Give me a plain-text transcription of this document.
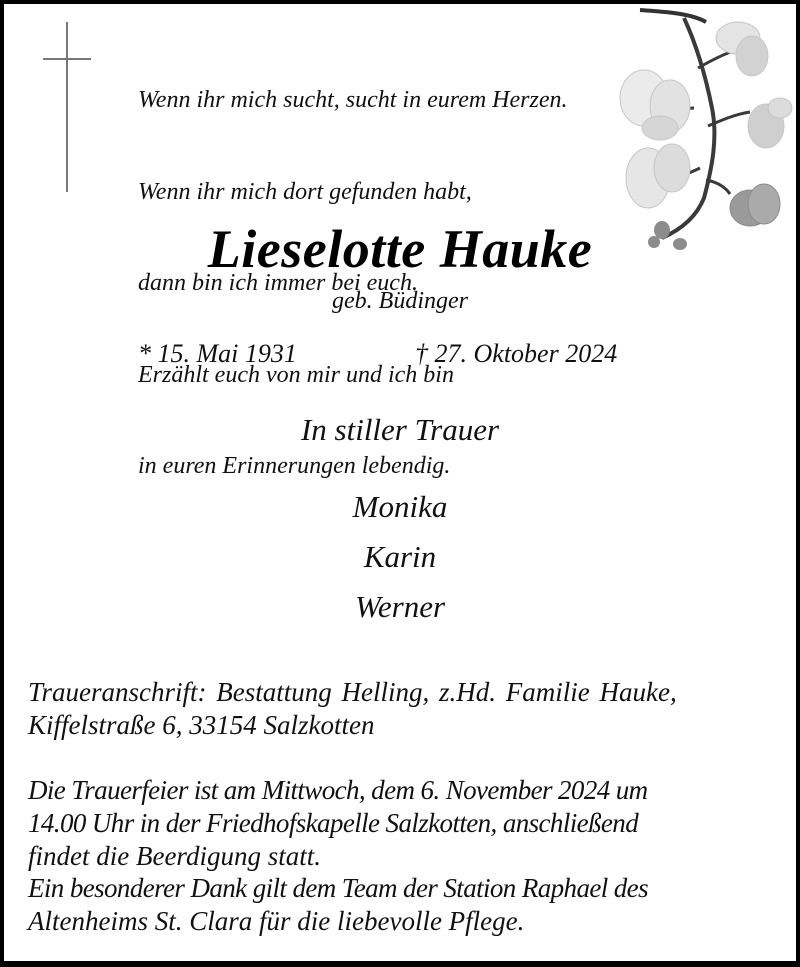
Wenn ihr mich sucht, sucht in eurem Herzen.

Wenn ihr mich dort gefunden habt,

dann bin ich immer bei euch.

Erzählt euch von mir und ich bin

in euren Erinnerungen lebendig.

Lieselotte Hauke
geb. Büdinger
* 15. Mai 1931	† 27. Oktober 2024
In stiller Trauer
Monika
Karin
Werner
Traueranschrift: Bestattung Helling, z.Hd. Familie Hauke,
Kiffelstraße 6, 33154 Salzkotten
Die Trauerfeier ist am Mittwoch, dem 6. November 2024 um
14.00 Uhr in der Friedhofskapelle Salzkotten, anschließend
findet die Beerdigung statt.
Ein besonderer Dank gilt dem Team der Station Raphael des
Altenheims St. Clara für die liebevolle Pflege.
